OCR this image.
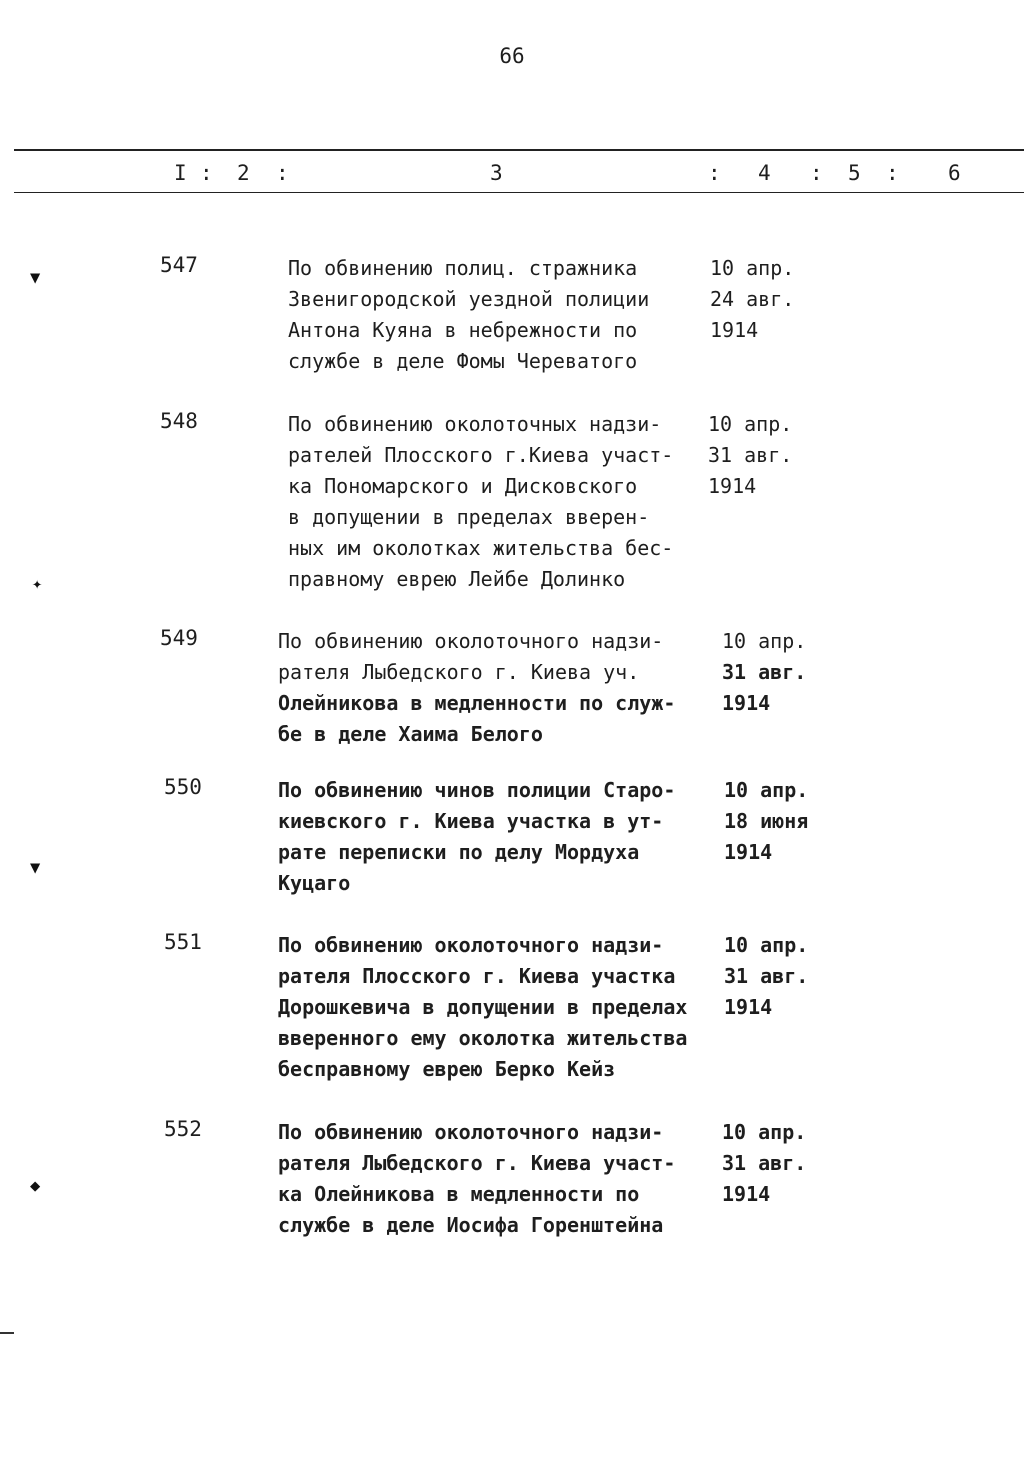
66
I : 2 :	3	: 4 : 5 : 6
547	По обвинению полиц. стражника
Звенигородской уездной полиции
Антона Куяна в небрежности по
службе в деле Фомы Череватого

10 апр.
24 авг.
1914

548	По обвинению околоточных надзи-
рателей Плосского г.Киева участ-
ка Пономарского и Дисковского
в допущении в пределах вверен-
ных им околотках жительства бес-
правному еврею Лейбе Долинко

10 апр.
31 авг.
1914

549	По обвинению околоточного надзи-
рателя Лыбедского г. Киева уч.
Олейникова в медленности по служ-
бе в деле Хаима Белого

10 апр.
31 авг.
1914

550	По обвинению чинов полиции Старо-
киевского г. Киева участка в ут-
рате переписки по делу Мордуха
Куцаго

10 апр.
18 июня
1914

551	По обвинению околоточного надзи-
рателя Плосского г. Киева участка
Дорошкевича в допущении в пределах
вверенного ему околотка жительства
бесправному еврею Берко Кейз

10 апр.
31 авг.
1914

552	По обвинению околоточного надзи-
рателя Лыбедского г. Киева участ-
ка Олейникова в медленности по
службе в деле Иосифа Горенштейна

10 апр.
31 авг.
1914

▼
✦
▼
◆
